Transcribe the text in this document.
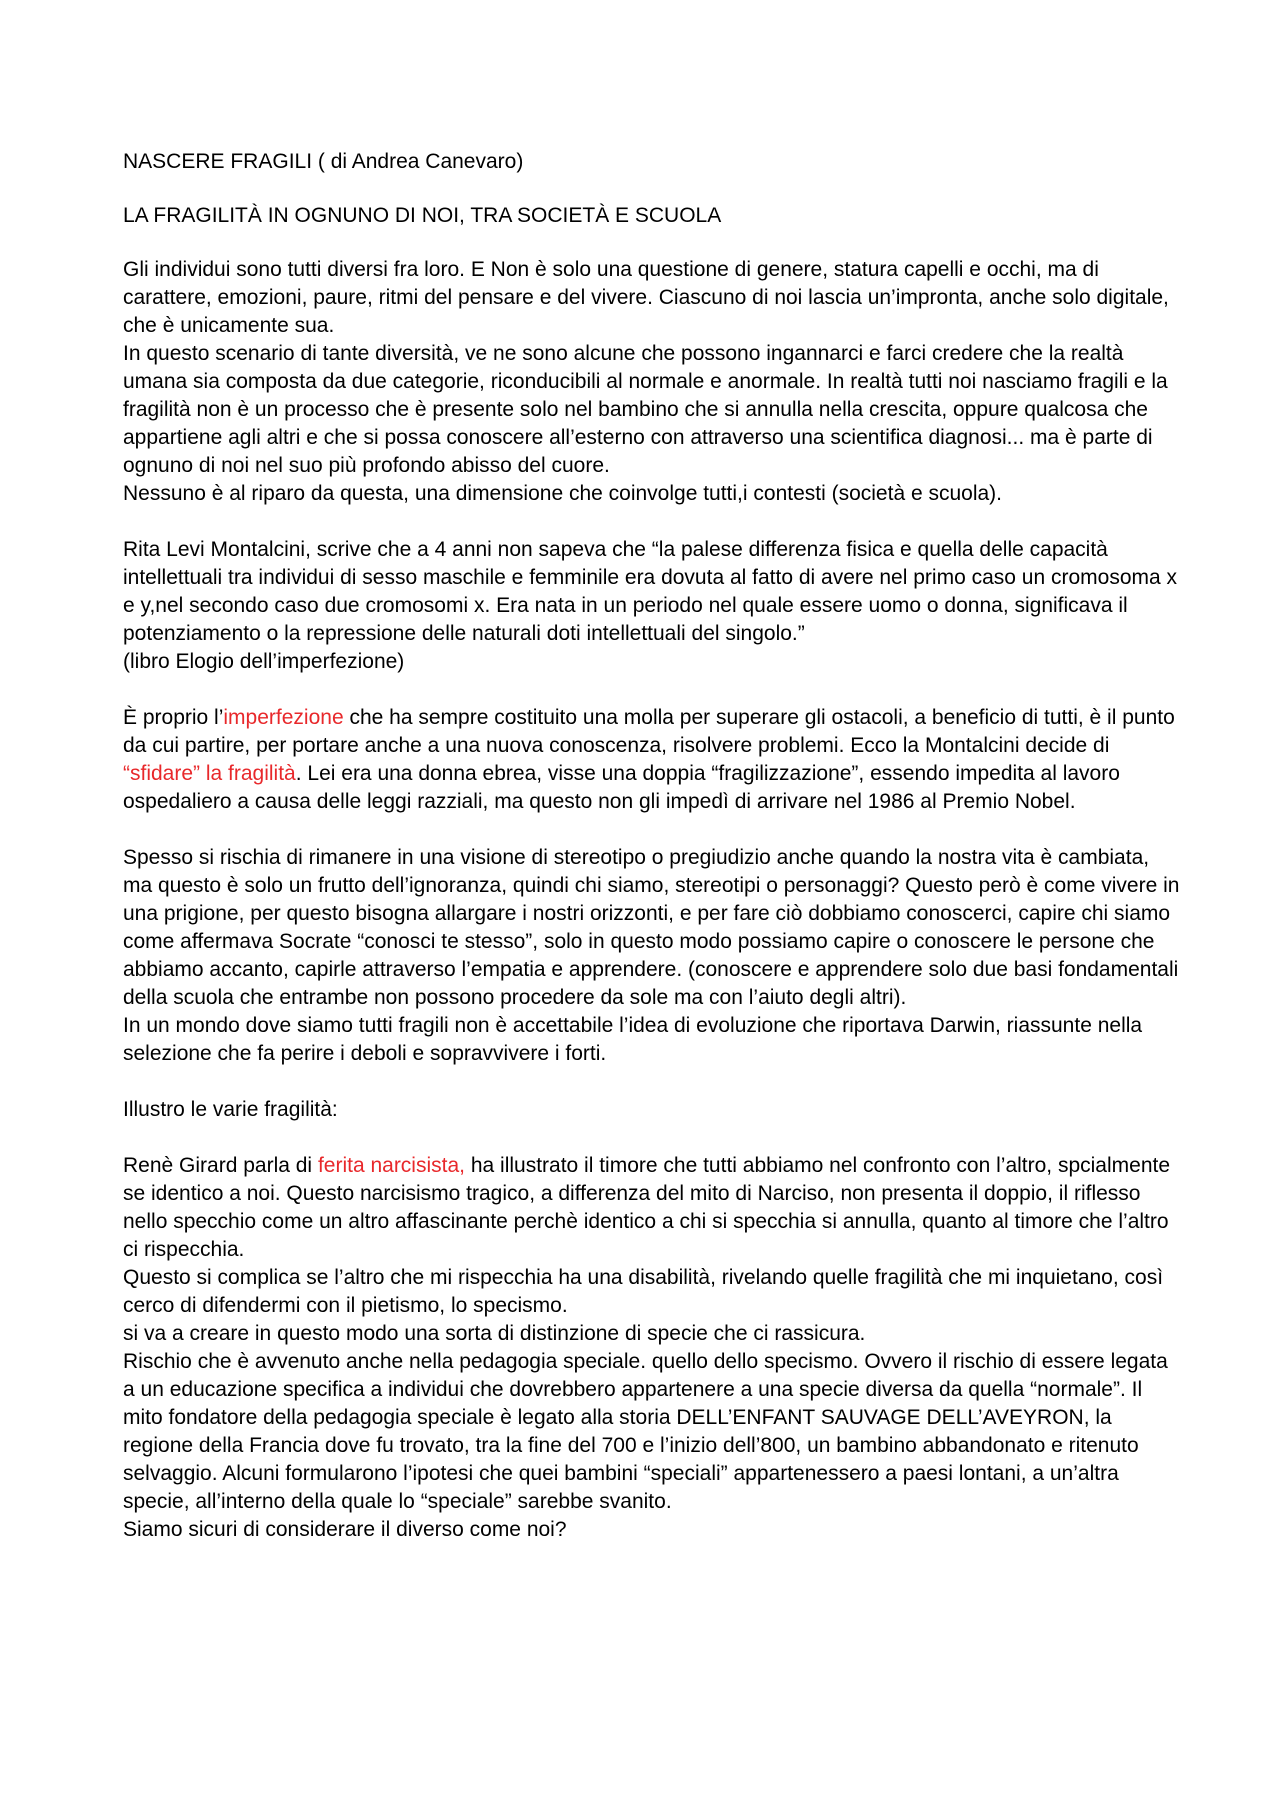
NASCERE FRAGILI ( di Andrea Canevaro)
LA FRAGILITÀ IN OGNUNO DI NOI, TRA SOCIETÀ E SCUOLA

Gli individui sono tutti diversi fra loro. E Non è solo una questione di genere, statura capelli e occhi, ma di carattere, emozioni, paure, ritmi del pensare e del vivere. Ciascuno di noi lascia un’impronta, anche solo digitale, che è unicamente sua.

In questo scenario di tante diversità, ve ne sono alcune che possono ingannarci e farci credere che la realtà umana sia composta da due categorie, riconducibili al normale e anormale. In realtà tutti noi nasciamo fragili e la fragilità non è un processo che è presente solo nel bambino che si annulla nella crescita, oppure qualcosa che appartiene agli altri e che si possa conoscere all’esterno con attraverso una scientifica diagnosi... ma è parte di ognuno di noi nel suo più profondo abisso del cuore.

Nessuno è al riparo da questa, una dimensione che coinvolge tutti,i contesti (società e scuola).

Rita Levi Montalcini, scrive che a 4 anni non sapeva che “la palese differenza fisica e quella delle capacità intellettuali tra individui di sesso maschile e femminile era dovuta al fatto di avere nel primo caso un cromosoma x e y,nel secondo caso due cromosomi x. Era nata in un periodo nel quale essere uomo o donna, significava il potenziamento o la repressione delle naturali doti intellettuali del singolo.”

(libro Elogio dell’imperfezione)

È proprio l’imperfezione che ha sempre costituito una molla per superare gli ostacoli, a beneficio di tutti, è il punto da cui partire, per portare anche a una nuova conoscenza, risolvere problemi. Ecco la Montalcini decide di “sfidare” la fragilità. Lei era una donna ebrea, visse una doppia “fragilizzazione”, essendo impedita al lavoro ospedaliero a causa delle leggi razziali, ma questo non gli impedì di arrivare nel 1986 al Premio Nobel.

Spesso si rischia di rimanere in una visione di stereotipo o pregiudizio anche quando la nostra vita è cambiata, ma questo è solo un frutto dell’ignoranza, quindi chi siamo, stereotipi o personaggi? Questo però è come vivere in una prigione, per questo bisogna allargare i nostri orizzonti, e per fare ciò dobbiamo conoscerci, capire chi siamo come affermava Socrate “conosci te stesso”, solo in questo modo possiamo capire o conoscere le persone che abbiamo accanto, capirle attraverso l’empatia e apprendere. (conoscere e apprendere solo due basi fondamentali della scuola che entrambe non possono procedere da sole ma con l’aiuto degli altri).

In un mondo dove siamo tutti fragili non è accettabile l’idea di evoluzione che riportava Darwin, riassunte nella selezione che fa perire i deboli e sopravvivere i forti.

Illustro le varie fragilità:

Renè Girard parla di ferita narcisista, ha illustrato il timore che tutti abbiamo nel confronto con l’altro, spcialmente se identico a noi. Questo narcisismo tragico, a differenza del mito di Narciso, non presenta il doppio, il riflesso nello specchio come un altro affascinante perchè identico a chi si specchia si annulla, quanto al timore che l’altro ci rispecchia.

Questo si complica se l’altro che mi rispecchia ha una disabilità, rivelando quelle fragilità che mi inquietano, così cerco di difendermi con il pietismo, lo specismo.

si va a creare in questo modo una sorta di distinzione di specie che ci rassicura.

Rischio che è avvenuto anche nella pedagogia speciale. quello dello specismo. Ovvero il rischio di essere legata a un educazione specifica a individui che dovrebbero appartenere a una specie diversa da quella “normale”. Il mito fondatore della pedagogia speciale è legato alla storia DELL’ENFANT SAUVAGE DELL’AVEYRON, la regione della Francia dove fu trovato, tra la fine del 700 e l’inizio dell’800, un bambino abbandonato e ritenuto selvaggio. Alcuni formularono l’ipotesi che quei bambini “speciali” appartenessero a paesi lontani, a un’altra specie, all’interno della quale lo “speciale” sarebbe svanito.

Siamo sicuri di considerare il diverso come noi?
